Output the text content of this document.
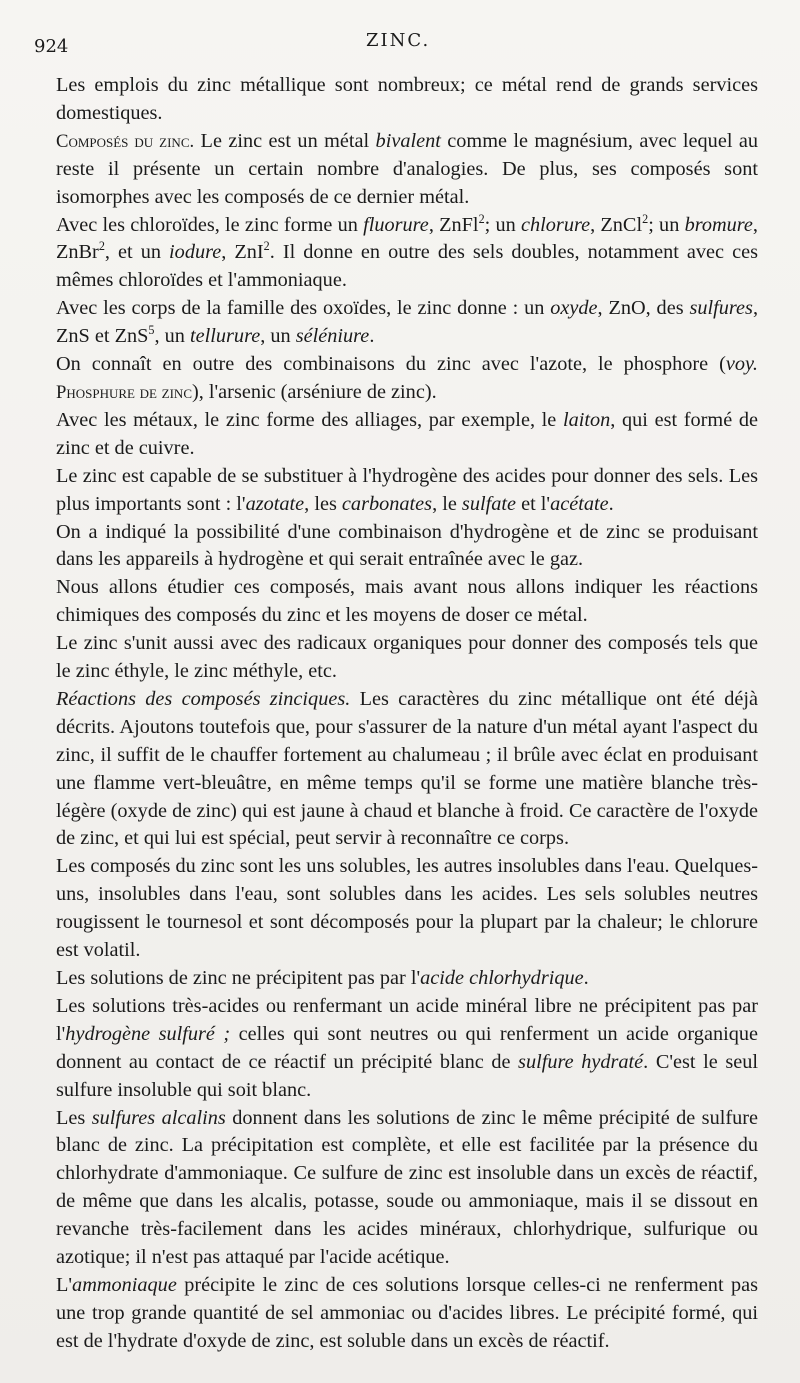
924	ZINC.

Les emplois du zinc métallique sont nombreux; ce métal rend de grands services domestiques.

Composés du zinc. Le zinc est un métal bivalent comme le magnésium, avec lequel au reste il présente un certain nombre d'analogies. De plus, ses composés sont isomorphes avec les composés de ce dernier métal.

Avec les chloroïdes, le zinc forme un fluorure, ZnFl$^2$; un chlorure, ZnCl$^2$; un bromure, ZnBr$^2$, et un iodure, ZnI$^2$. Il donne en outre des sels doubles, notamment avec ces mêmes chloroïdes et l'ammoniaque.

Avec les corps de la famille des oxoïdes, le zinc donne : un oxyde, ZnO, des sulfures, ZnS et ZnS$^5$, un tellurure, un séléniure.

On connaît en outre des combinaisons du zinc avec l'azote, le phosphore (voy. Phosphure de zinc), l'arsenic (arséniure de zinc).

Avec les métaux, le zinc forme des alliages, par exemple, le laiton, qui est formé de zinc et de cuivre.

Le zinc est capable de se substituer à l'hydrogène des acides pour donner des sels. Les plus importants sont : l'azotate, les carbonates, le sulfate et l'acétate.

On a indiqué la possibilité d'une combinaison d'hydrogène et de zinc se produisant dans les appareils à hydrogène et qui serait entraînée avec le gaz.

Nous allons étudier ces composés, mais avant nous allons indiquer les réactions chimiques des composés du zinc et les moyens de doser ce métal.

Le zinc s'unit aussi avec des radicaux organiques pour donner des composés tels que le zinc éthyle, le zinc méthyle, etc.

Réactions des composés zinciques. Les caractères du zinc métallique ont été déjà décrits. Ajoutons toutefois que, pour s'assurer de la nature d'un métal ayant l'aspect du zinc, il suffit de le chauffer fortement au chalumeau ; il brûle avec éclat en produisant une flamme vert-bleuâtre, en même temps qu'il se forme une matière blanche très-légère (oxyde de zinc) qui est jaune à chaud et blanche à froid. Ce caractère de l'oxyde de zinc, et qui lui est spécial, peut servir à reconnaître ce corps.

Les composés du zinc sont les uns solubles, les autres insolubles dans l'eau. Quelques-uns, insolubles dans l'eau, sont solubles dans les acides. Les sels solubles neutres rougissent le tournesol et sont décomposés pour la plupart par la chaleur; le chlorure est volatil.

Les solutions de zinc ne précipitent pas par l'acide chlorhydrique.

Les solutions très-acides ou renfermant un acide minéral libre ne précipitent pas par l'hydrogène sulfuré ; celles qui sont neutres ou qui renferment un acide organique donnent au contact de ce réactif un précipité blanc de sulfure hydraté. C'est le seul sulfure insoluble qui soit blanc.

Les sulfures alcalins donnent dans les solutions de zinc le même précipité de sulfure blanc de zinc. La précipitation est complète, et elle est facilitée par la présence du chlorhydrate d'ammoniaque. Ce sulfure de zinc est insoluble dans un excès de réactif, de même que dans les alcalis, potasse, soude ou ammoniaque, mais il se dissout en revanche très-facilement dans les acides minéraux, chlorhydrique, sulfurique ou azotique; il n'est pas attaqué par l'acide acétique.

L'ammoniaque précipite le zinc de ces solutions lorsque celles-ci ne renferment pas une trop grande quantité de sel ammoniac ou d'acides libres. Le précipité formé, qui est de l'hydrate d'oxyde de zinc, est soluble dans un excès de réactif.
